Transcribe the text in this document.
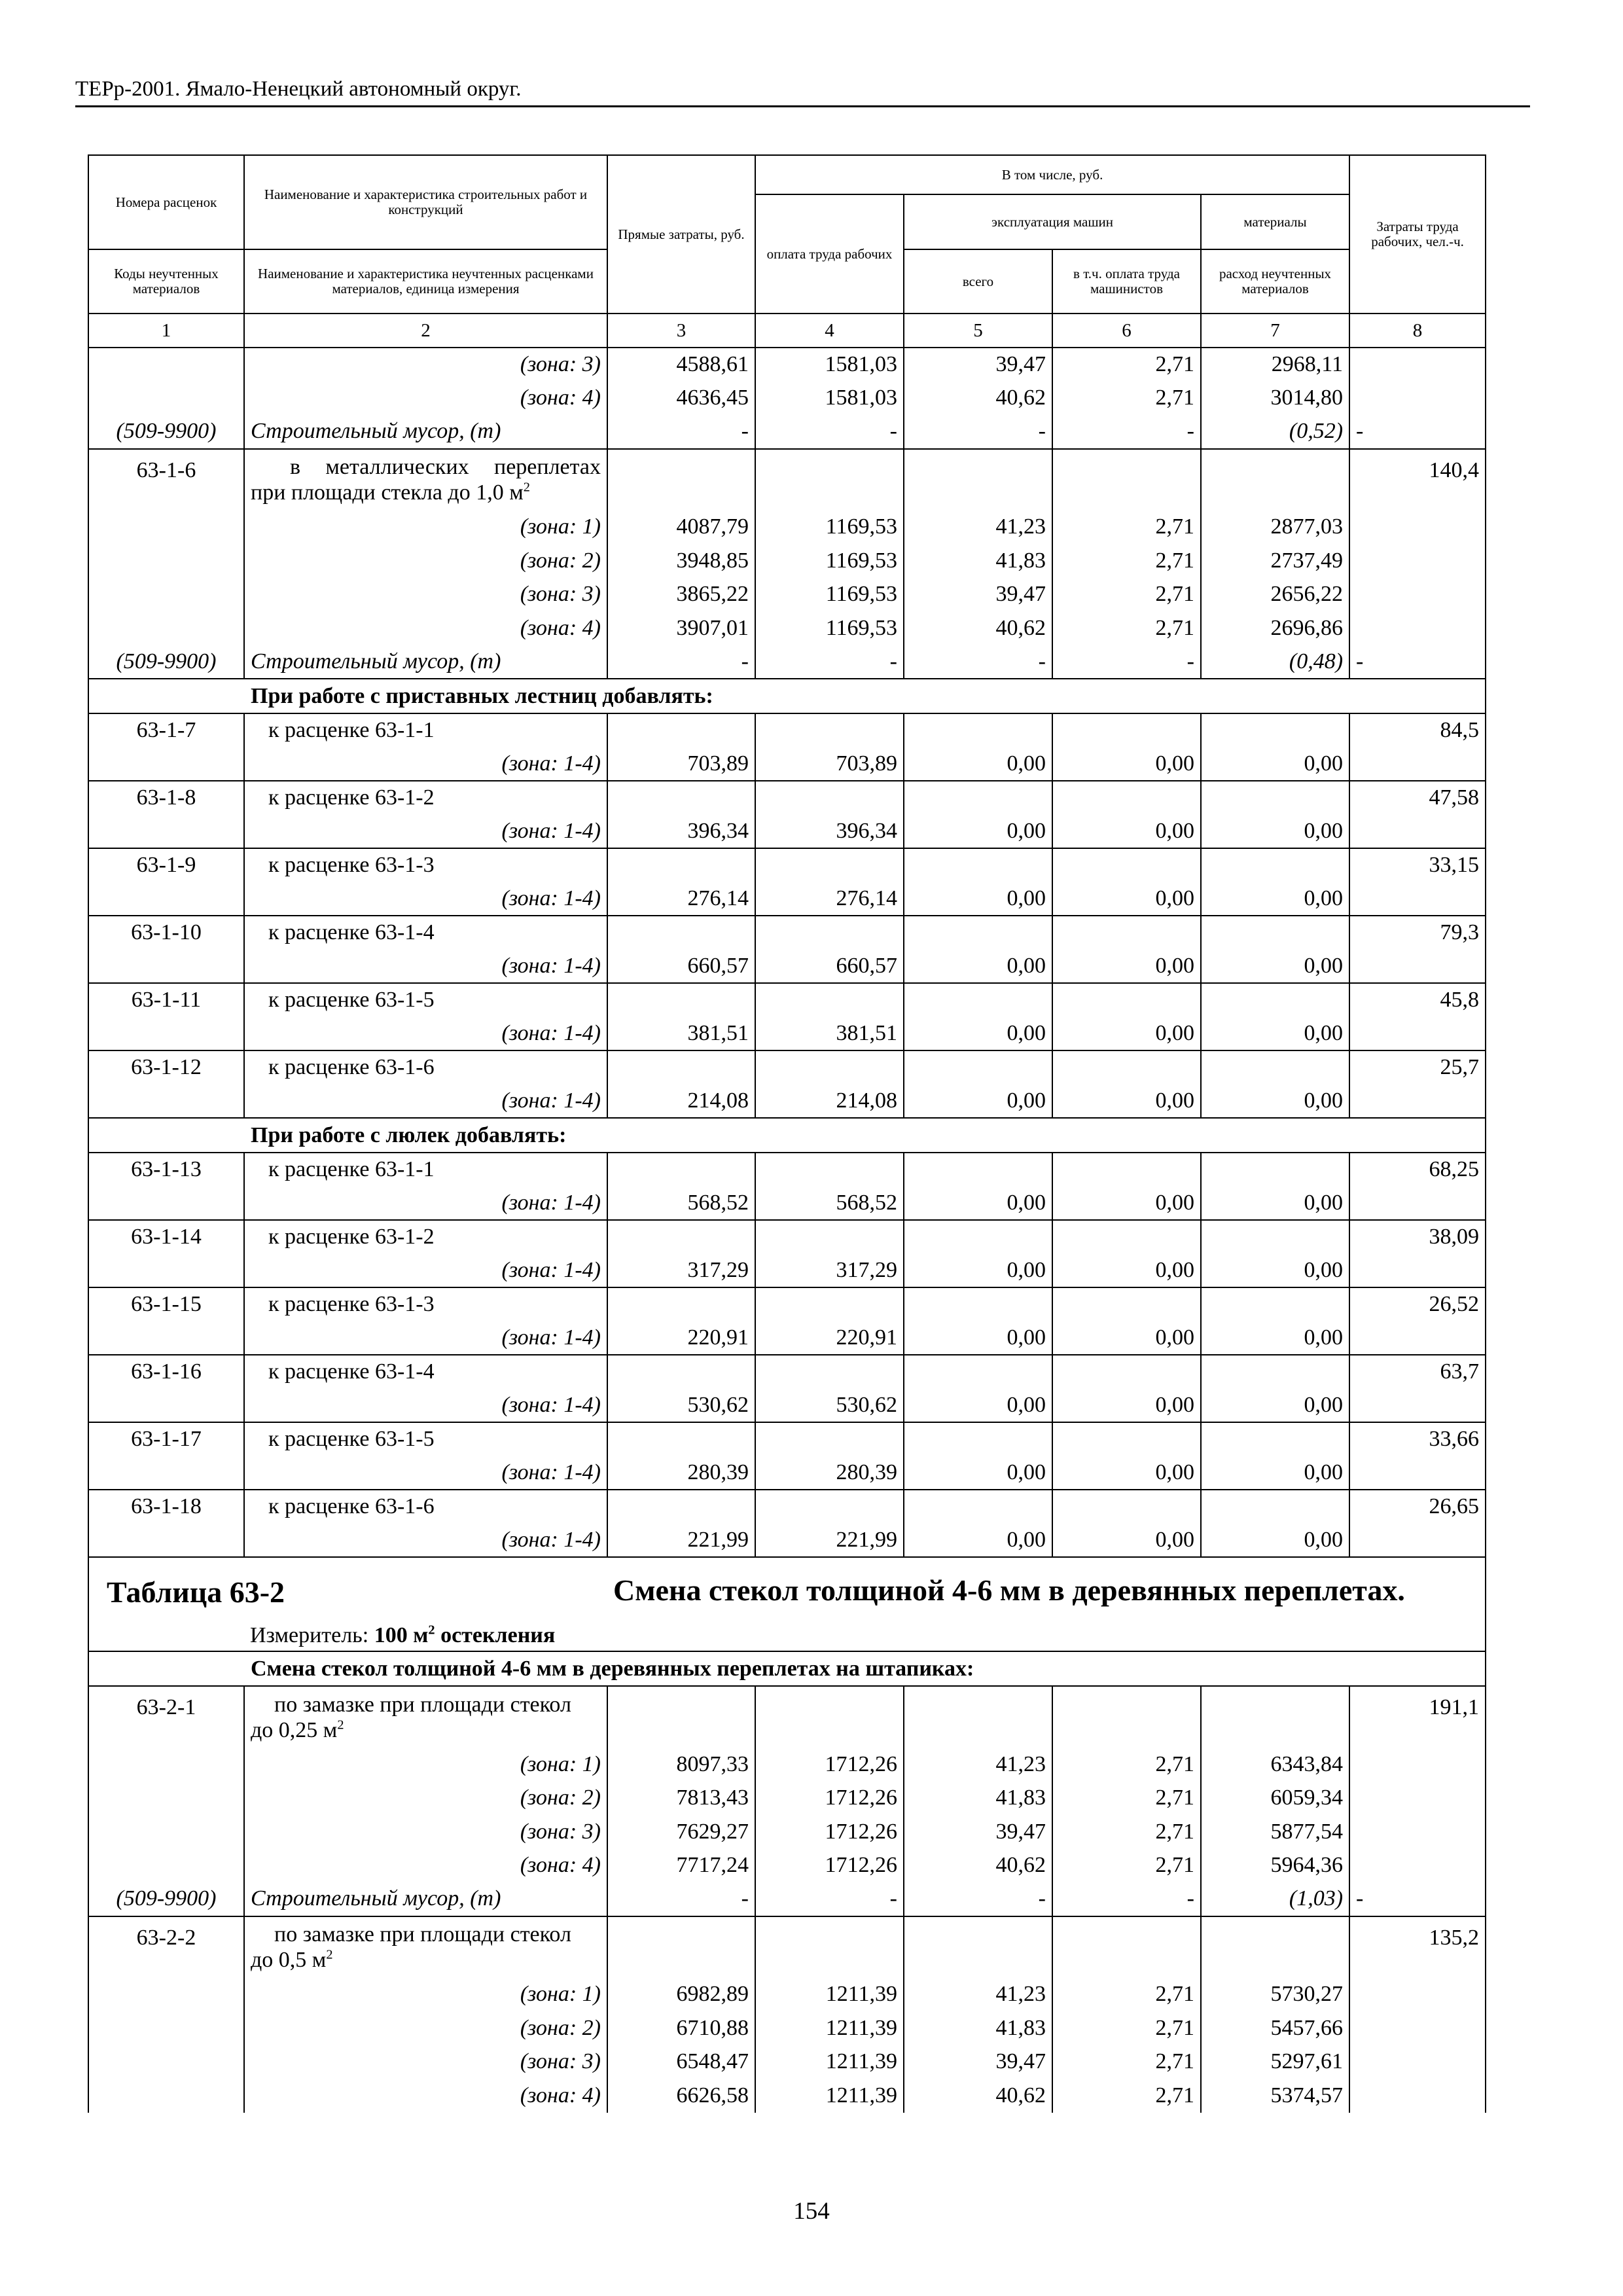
ТЕРр-2001. Ямало-Ненецкий автономный округ.
Номера расценок	Наименование и характеристика строительных работ и конструкций	Прямые затраты, руб.	В том числе, руб.				Затраты труда рабочих, чел.-ч.
			оплата труда рабочих	эксплуатация машин		материалы	
Коды неучтенных материалов	Наименование и характеристика неучтенных расценками материалов, единица измерения			всего	в т.ч. оплата труда машинистов	расход неучтенных материалов	
1	2	3	4	5	6	7	8
	(зона: 3)	4588,61	1581,03	39,47	2,71	2968,11	
	(зона: 4)	4636,45	1581,03	40,62	2,71	3014,80	
(509-9900)	Строительный мусор, (т)	-	-	-	-	(0,52)	-
63-1-6	в металлических переплетах
при площади стекла до 1,0 $м^2$						140,4
	(зона: 1)	4087,79	1169,53	41,23	2,71	2877,03	
	(зона: 2)	3948,85	1169,53	41,83	2,71	2737,49	
	(зона: 3)	3865,22	1169,53	39,47	2,71	2656,22	
	(зона: 4)	3907,01	1169,53	40,62	2,71	2696,86	
(509-9900)	Строительный мусор, (т)	-	-	-	-	(0,48)	-
При работе с приставных лестниц добавлять:							
63-1-7	к расценке 63-1-1						84,5
	(зона: 1-4)	703,89	703,89	0,00	0,00	0,00	
63-1-8	к расценке 63-1-2						47,58
	(зона: 1-4)	396,34	396,34	0,00	0,00	0,00	
63-1-9	к расценке 63-1-3						33,15
	(зона: 1-4)	276,14	276,14	0,00	0,00	0,00	
63-1-10	к расценке 63-1-4						79,3
	(зона: 1-4)	660,57	660,57	0,00	0,00	0,00	
63-1-11	к расценке 63-1-5						45,8
	(зона: 1-4)	381,51	381,51	0,00	0,00	0,00	
63-1-12	к расценке 63-1-6						25,7
	(зона: 1-4)	214,08	214,08	0,00	0,00	0,00	
При работе с люлек добавлять:							
63-1-13	к расценке 63-1-1						68,25
	(зона: 1-4)	568,52	568,52	0,00	0,00	0,00	
63-1-14	к расценке 63-1-2						38,09
	(зона: 1-4)	317,29	317,29	0,00	0,00	0,00	
63-1-15	к расценке 63-1-3						26,52
	(зона: 1-4)	220,91	220,91	0,00	0,00	0,00	
63-1-16	к расценке 63-1-4						63,7
	(зона: 1-4)	530,62	530,62	0,00	0,00	0,00	
63-1-17	к расценке 63-1-5						33,66
	(зона: 1-4)	280,39	280,39	0,00	0,00	0,00	
63-1-18	к расценке 63-1-6						26,65
	(зона: 1-4)	221,99	221,99	0,00	0,00	0,00	

Таблица 63-2 Смена стекол толщиной 4-6 мм в деревянных переплетах.
Измеритель: 100 $м^2$ остекления							

Смена стекол толщиной 4-6 мм в деревянных переплетах на штапиках:							
63-2-1	по замазке при площади стекол
до 0,25 $м^2$						191,1
	(зона: 1)	8097,33	1712,26	41,23	2,71	6343,84	
	(зона: 2)	7813,43	1712,26	41,83	2,71	6059,34	
	(зона: 3)	7629,27	1712,26	39,47	2,71	5877,54	
	(зона: 4)	7717,24	1712,26	40,62	2,71	5964,36	
(509-9900)	Строительный мусор, (т)	-	-	-	-	(1,03)	-
63-2-2	по замазке при площади стекол
до 0,5 $м^2$						135,2
	(зона: 1)	6982,89	1211,39	41,23	2,71	5730,27	
	(зона: 2)	6710,88	1211,39	41,83	2,71	5457,66	
	(зона: 3)	6548,47	1211,39	39,47	2,71	5297,61	
	(зона: 4)	6626,58	1211,39	40,62	2,71	5374,57	
154
